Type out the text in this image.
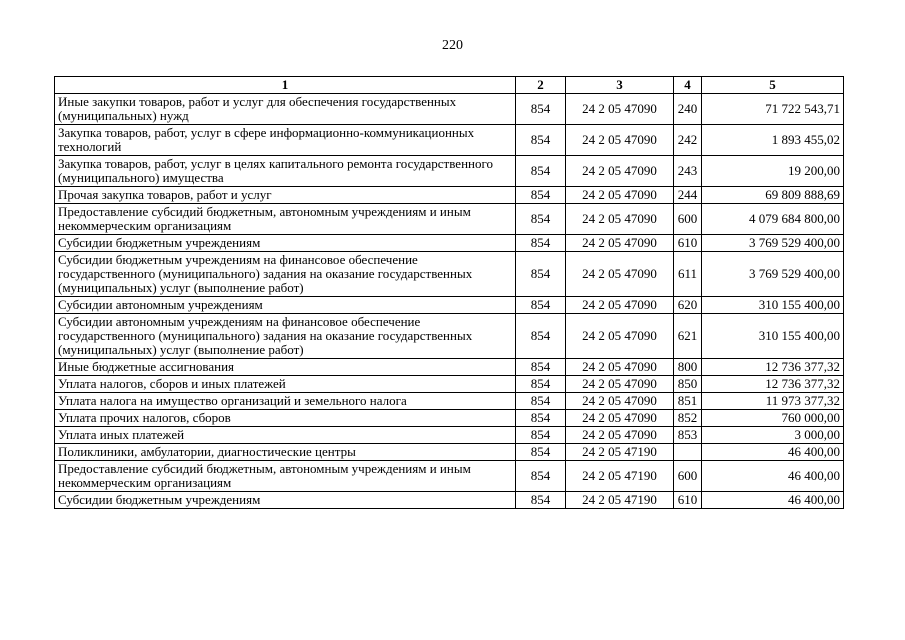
220
1	2	3	4	5
Иные закупки товаров, работ и услуг для обеспечения государственных (муниципальных) нужд	854	24 2 05 47090	240	71 722 543,71
Закупка товаров, работ, услуг в сфере информационно-коммуникационных технологий	854	24 2 05 47090	242	1 893 455,02
Закупка товаров, работ, услуг в целях капитального ремонта государственного (муниципального) имущества	854	24 2 05 47090	243	19 200,00
Прочая закупка товаров, работ и услуг	854	24 2 05 47090	244	69 809 888,69
Предоставление субсидий бюджетным, автономным учреждениям и иным некоммерческим организациям	854	24 2 05 47090	600	4 079 684 800,00
Субсидии бюджетным учреждениям	854	24 2 05 47090	610	3 769 529 400,00
Субсидии бюджетным учреждениям на финансовое обеспечение государственного (муниципального) задания на оказание государственных (муниципальных) услуг (выполнение работ)	854	24 2 05 47090	611	3 769 529 400,00
Субсидии автономным учреждениям	854	24 2 05 47090	620	310 155 400,00
Субсидии автономным учреждениям на финансовое обеспечение государственного (муниципального) задания на оказание государственных (муниципальных) услуг (выполнение работ)	854	24 2 05 47090	621	310 155 400,00
Иные бюджетные ассигнования	854	24 2 05 47090	800	12 736 377,32
Уплата налогов, сборов и иных платежей	854	24 2 05 47090	850	12 736 377,32
Уплата налога на имущество организаций и земельного налога	854	24 2 05 47090	851	11 973 377,32
Уплата прочих налогов, сборов	854	24 2 05 47090	852	760 000,00
Уплата иных платежей	854	24 2 05 47090	853	3 000,00
Поликлиники, амбулатории, диагностические центры	854	24 2 05 47190		46 400,00
Предоставление субсидий бюджетным, автономным учреждениям и иным некоммерческим организациям	854	24 2 05 47190	600	46 400,00
Субсидии бюджетным учреждениям	854	24 2 05 47190	610	46 400,00
